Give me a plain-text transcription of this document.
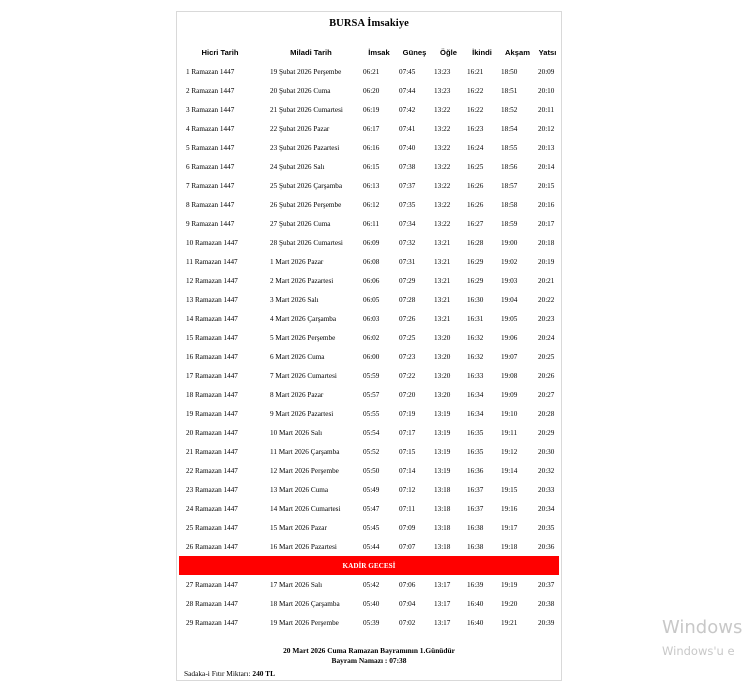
BURSA İmsakiye
Hicri Tarih	Miladi Tarih	İmsak	Güneş	Öğle	İkindi	Akşam	Yatsı
1 Ramazan 1447	19 Şubat 2026 Perşembe	06:21	07:45	13:23	16:21	18:50	20:09
2 Ramazan 1447	20 Şubat 2026 Cuma	06:20	07:44	13:23	16:22	18:51	20:10
3 Ramazan 1447	21 Şubat 2026 Cumartesi	06:19	07:42	13:22	16:22	18:52	20:11
4 Ramazan 1447	22 Şubat 2026 Pazar	06:17	07:41	13:22	16:23	18:54	20:12
5 Ramazan 1447	23 Şubat 2026 Pazartesi	06:16	07:40	13:22	16:24	18:55	20:13
6 Ramazan 1447	24 Şubat 2026 Salı	06:15	07:38	13:22	16:25	18:56	20:14
7 Ramazan 1447	25 Şubat 2026 Çarşamba	06:13	07:37	13:22	16:26	18:57	20:15
8 Ramazan 1447	26 Şubat 2026 Perşembe	06:12	07:35	13:22	16:26	18:58	20:16
9 Ramazan 1447	27 Şubat 2026 Cuma	06:11	07:34	13:22	16:27	18:59	20:17
10 Ramazan 1447	28 Şubat 2026 Cumartesi	06:09	07:32	13:21	16:28	19:00	20:18
11 Ramazan 1447	1 Mart 2026 Pazar	06:08	07:31	13:21	16:29	19:02	20:19
12 Ramazan 1447	2 Mart 2026 Pazartesi	06:06	07:29	13:21	16:29	19:03	20:21
13 Ramazan 1447	3 Mart 2026 Salı	06:05	07:28	13:21	16:30	19:04	20:22
14 Ramazan 1447	4 Mart 2026 Çarşamba	06:03	07:26	13:21	16:31	19:05	20:23
15 Ramazan 1447	5 Mart 2026 Perşembe	06:02	07:25	13:20	16:32	19:06	20:24
16 Ramazan 1447	6 Mart 2026 Cuma	06:00	07:23	13:20	16:32	19:07	20:25
17 Ramazan 1447	7 Mart 2026 Cumartesi	05:59	07:22	13:20	16:33	19:08	20:26
18 Ramazan 1447	8 Mart 2026 Pazar	05:57	07:20	13:20	16:34	19:09	20:27
19 Ramazan 1447	9 Mart 2026 Pazartesi	05:55	07:19	13:19	16:34	19:10	20:28
20 Ramazan 1447	10 Mart 2026 Salı	05:54	07:17	13:19	16:35	19:11	20:29
21 Ramazan 1447	11 Mart 2026 Çarşamba	05:52	07:15	13:19	16:35	19:12	20:30
22 Ramazan 1447	12 Mart 2026 Perşembe	05:50	07:14	13:19	16:36	19:14	20:32
23 Ramazan 1447	13 Mart 2026 Cuma	05:49	07:12	13:18	16:37	19:15	20:33
24 Ramazan 1447	14 Mart 2026 Cumartesi	05:47	07:11	13:18	16:37	19:16	20:34
25 Ramazan 1447	15 Mart 2026 Pazar	05:45	07:09	13:18	16:38	19:17	20:35
26 Ramazan 1447	16 Mart 2026 Pazartesi	05:44	07:07	13:18	16:38	19:18	20:36
KADİR GECESİ							
27 Ramazan 1447	17 Mart 2026 Salı	05:42	07:06	13:17	16:39	19:19	20:37
28 Ramazan 1447	18 Mart 2026 Çarşamba	05:40	07:04	13:17	16:40	19:20	20:38
29 Ramazan 1447	19 Mart 2026 Perşembe	05:39	07:02	13:17	16:40	19:21	20:39
20 Mart 2026 Cuma Ramazan Bayramının 1.Günüdür
Bayram Namazı : 07:38
Sadaka-i Fıtır Miktarı: 240 TL
Windows
Windows'u e
